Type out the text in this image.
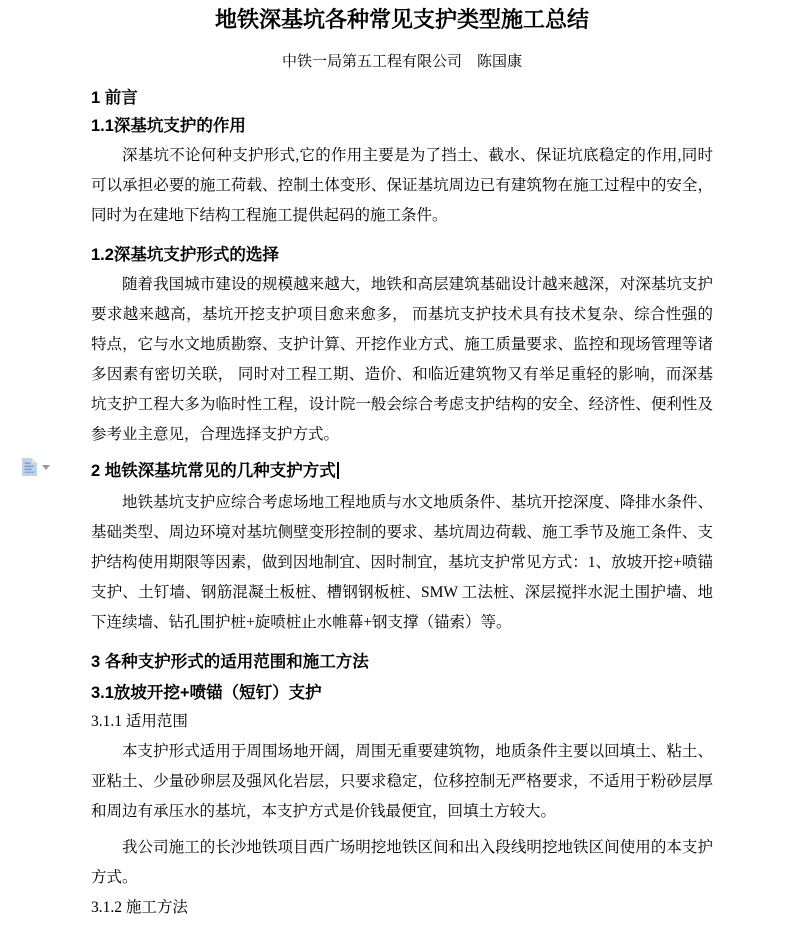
地铁深基坑各种常见支护类型施工总结
中铁一局第五工程有限公司　陈国康
1 前言
1.1深基坑支护的作用
深基坑不论何种支护形式,它的作用主要是为了挡土、截水、保证坑底稳定的作用,同时可以承担必要的施工荷载、控制土体变形、保证基坑周边已有建筑物在施工过程中的安全，同时为在建地下结构工程施工提供起码的施工条件。
1.2深基坑支护形式的选择
随着我国城市建设的规模越来越大，地铁和高层建筑基础设计越来越深，对深基坑支护要求越来越高，基坑开挖支护项目愈来愈多， 而基坑支护技术具有技术复杂、综合性强的特点，它与水文地质勘察、支护计算、开挖作业方式、施工质量要求、监控和现场管理等诸多因素有密切关联， 同时对工程工期、造价、和临近建筑物又有举足重轻的影响，而深基坑支护工程大多为临时性工程，设计院一般会综合考虑支护结构的安全、经济性、便利性及参考业主意见，合理选择支护方式。
2 地铁深基坑常见的几种支护方式
地铁基坑支护应综合考虑场地工程地质与水文地质条件、基坑开挖深度、降排水条件、基础类型、周边环境对基坑侧壁变形控制的要求、基坑周边荷载、施工季节及施工条件、支护结构使用期限等因素，做到因地制宜、因时制宜，基坑支护常见方式：1、放坡开挖+喷锚支护、土钉墙、钢筋混凝土板桩、槽钢钢板桩、SMW 工法桩、深层搅拌水泥土围护墙、地下连续墙、钻孔围护桩+旋喷桩止水帷幕+钢支撑（锚索）等。
3 各种支护形式的适用范围和施工方法
3.1放坡开挖+喷锚（短钉）支护
3.1.1 适用范围
本支护形式适用于周围场地开阔，周围无重要建筑物，地质条件主要以回填土、粘土、亚粘土、少量砂卵层及强风化岩层，只要求稳定，位移控制无严格要求，不适用于粉砂层厚和周边有承压水的基坑，本支护方式是价钱最便宜，回填土方较大。
我公司施工的长沙地铁项目西广场明挖地铁区间和出入段线明挖地铁区间使用的本支护方式。
3.1.2 施工方法
